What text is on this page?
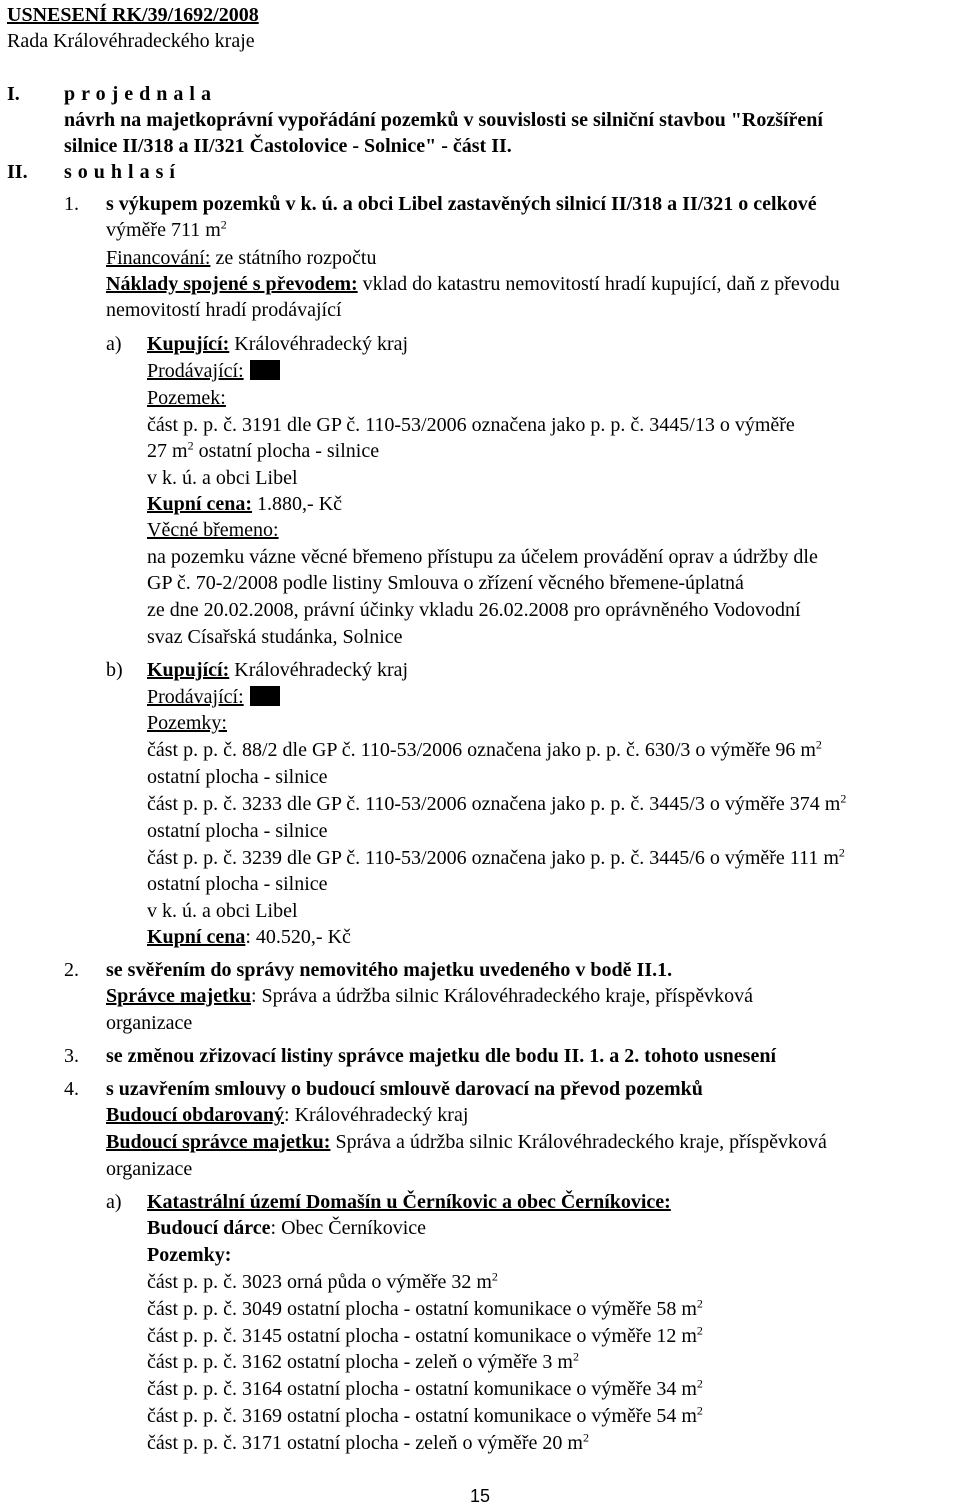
USNESENÍ RK/39/1692/2008
Rada Královéhradeckého kraje
I. projednala
návrh na majetkoprávní vypořádání pozemků v souvislosti se silniční stavbou "Rozšíření
silnice II/318 a II/321 Častolovice - Solnice" - část II.
II. souhlasí
1. s výkupem pozemků v k. ú. a obci Libel zastavěných silnicí II/318 a II/321 o celkové
výměře 711 $m^2$
Financování: ze státního rozpočtu
Náklady spojené s převodem: vklad do katastru nemovitostí hradí kupující, daň z převodu
nemovitostí hradí prodávající
a) Kupující: Královéhradecký kraj
Prodávající:
Pozemek:
část p. p. č. 3191 dle GP č. 110-53/2006 označena jako p. p. č. 3445/13 o výměře
27 $m^2$ ostatní plocha - silnice
v k. ú. a obci Libel
Kupní cena: 1.880,- Kč
Věcné břemeno:
na pozemku vázne věcné břemeno přístupu za účelem provádění oprav a údržby dle
GP č. 70-2/2008 podle listiny Smlouva o zřízení věcného břemene-úplatná
ze dne 20.02.2008, právní účinky vkladu 26.02.2008 pro oprávněného Vodovodní
svaz Císařská studánka, Solnice
b) Kupující: Královéhradecký kraj
Prodávající:
Pozemky:
část p. p. č. 88/2 dle GP č. 110-53/2006 označena jako p. p. č. 630/3 o výměře 96 $m^2$
ostatní plocha - silnice
část p. p. č. 3233 dle GP č. 110-53/2006 označena jako p. p. č. 3445/3 o výměře 374 $m^2$
ostatní plocha - silnice
část p. p. č. 3239 dle GP č. 110-53/2006 označena jako p. p. č. 3445/6 o výměře 111 $m^2$
ostatní plocha - silnice
v k. ú. a obci Libel
Kupní cena: 40.520,- Kč
2. se svěřením do správy nemovitého majetku uvedeného v bodě II.1.
Správce majetku: Správa a údržba silnic Královéhradeckého kraje, příspěvková
organizace
3. se změnou zřizovací listiny správce majetku dle bodu II. 1. a 2. tohoto usnesení
4. s uzavřením smlouvy o budoucí smlouvě darovací na převod pozemků
Budoucí obdarovaný: Královéhradecký kraj
Budoucí správce majetku: Správa a údržba silnic Královéhradeckého kraje, příspěvková
organizace
a) Katastrální území Domašín u Černíkovic a obec Černíkovice:
Budoucí dárce: Obec Černíkovice
Pozemky:
část p. p. č. 3023 orná půda o výměře 32 $m^2$
část p. p. č. 3049 ostatní plocha - ostatní komunikace o výměře 58 $m^2$
část p. p. č. 3145 ostatní plocha - ostatní komunikace o výměře 12 $m^2$
část p. p. č. 3162 ostatní plocha - zeleň o výměře 3 $m^2$
část p. p. č. 3164 ostatní plocha - ostatní komunikace o výměře 34 $m^2$
část p. p. č. 3169 ostatní plocha - ostatní komunikace o výměře 54 $m^2$
část p. p. č. 3171 ostatní plocha - zeleň o výměře 20 $m^2$
15
